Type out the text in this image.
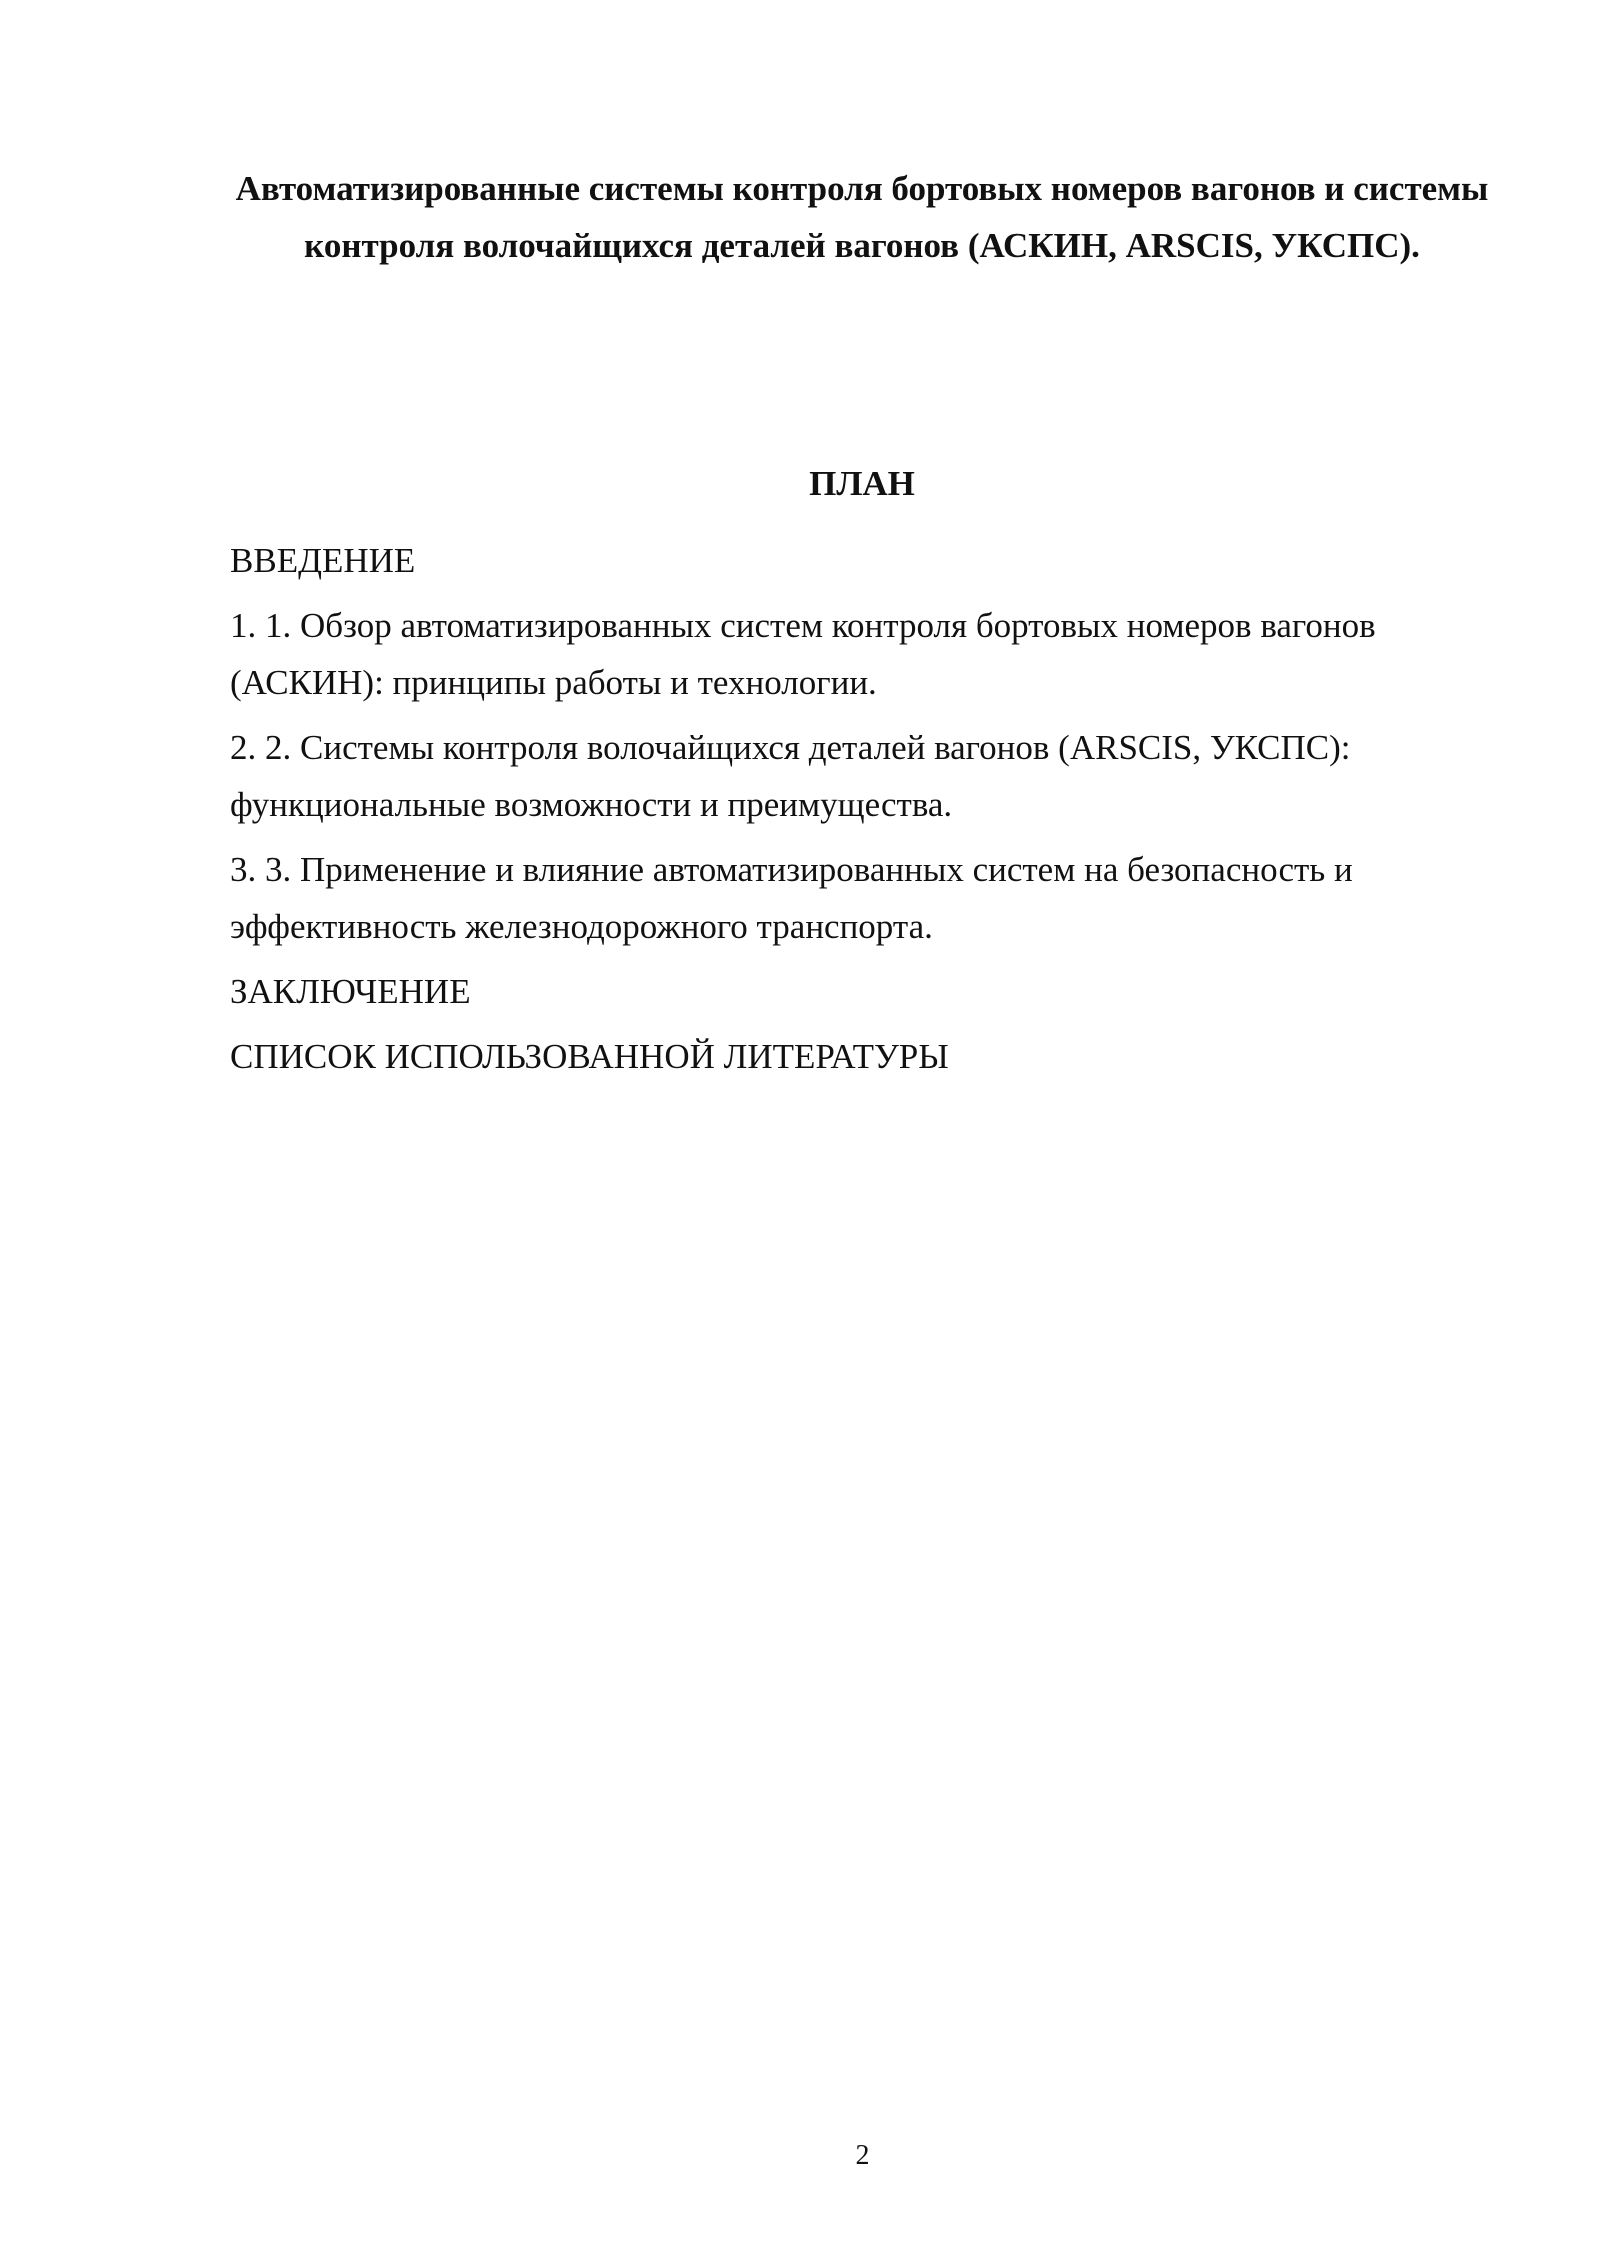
Автоматизированные системы контроля бортовых номеров вагонов и системы контроля волочайщихся деталей вагонов (АСКИН, ARSCIS, УКСПС).
ПЛАН
ВВЕДЕНИЕ
1. 1. Обзор автоматизированных систем контроля бортовых номеров вагонов (АСКИН): принципы работы и технологии.
2. 2. Системы контроля волочайщихся деталей вагонов (ARSCIS, УКСПС): функциональные возможности и преимущества.
3. 3. Применение и влияние автоматизированных систем на безопасность и эффективность железнодорожного транспорта.
ЗАКЛЮЧЕНИЕ
СПИСОК ИСПОЛЬЗОВАННОЙ ЛИТЕРАТУРЫ
2
